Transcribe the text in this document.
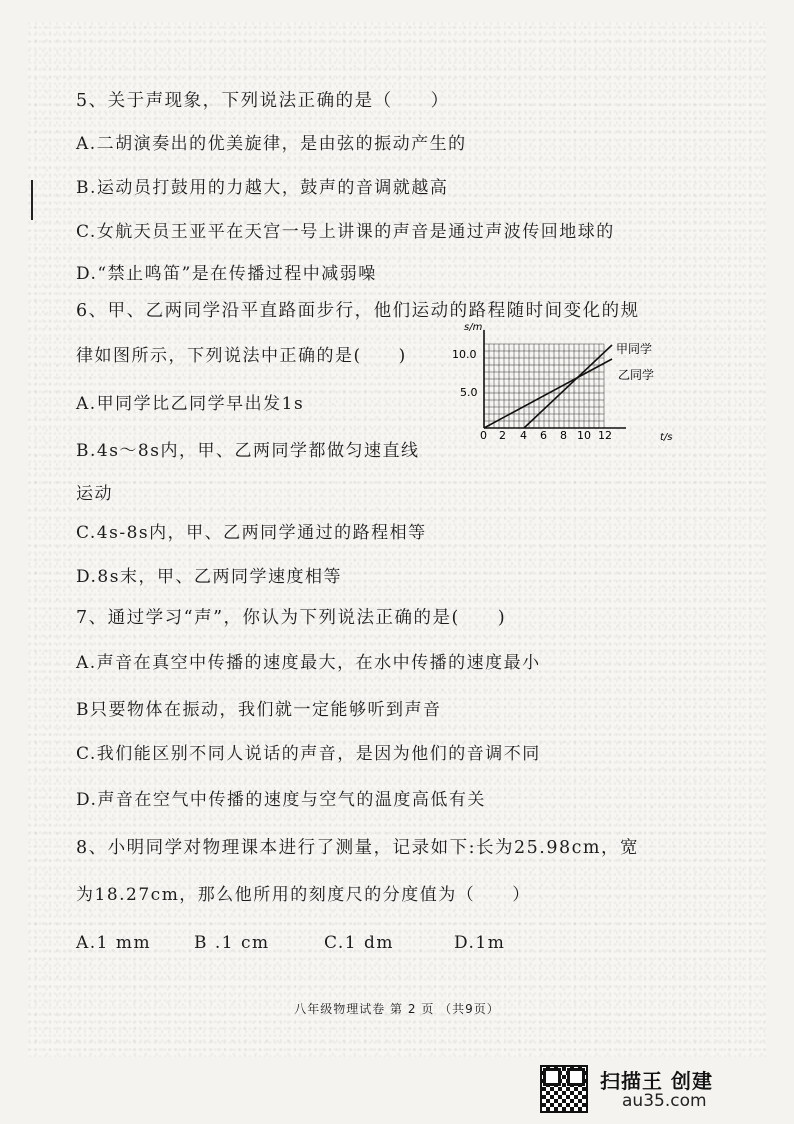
5、关于声现象，下列说法正确的是（　　）
A.二胡演奏出的优美旋律，是由弦的振动产生的
B.运动员打鼓用的力越大，鼓声的音调就越高
C.女航天员王亚平在天宫一号上讲课的声音是通过声波传回地球的
D.“禁止鸣笛”是在传播过程中减弱噪
6、甲、乙两同学沿平直路面步行，他们运动的路程随时间变化的规
律如图所示，下列说法中正确的是(　　)
A.甲同学比乙同学早出发1s
B.4s～8s内，甲、乙两同学都做匀速直线
运动
C.4s-8s内，甲、乙两同学通过的路程相等
D.8s末，甲、乙两同学速度相等
s/m
t/s
10.0
5.0
0 2 4 6 8 10 12
甲同学
乙同学
7、通过学习“声”，你认为下列说法正确的是(　　)
A.声音在真空中传播的速度最大，在水中传播的速度最小
B只要物体在振动，我们就一定能够听到声音
C.我们能区别不同人说话的声音，是因为他们的音调不同
D.声音在空气中传播的速度与空气的温度高低有关
8、小明同学对物理课本进行了测量，记录如下:长为25.98cm，宽
为18.27cm，那么他所用的刻度尺的分度值为（　　）
A.1 mm	B .1 cm	C.1 dm	D.1m
八年级物理试卷 第 2 页 （共9页）
扫描王 创建
au35.com
